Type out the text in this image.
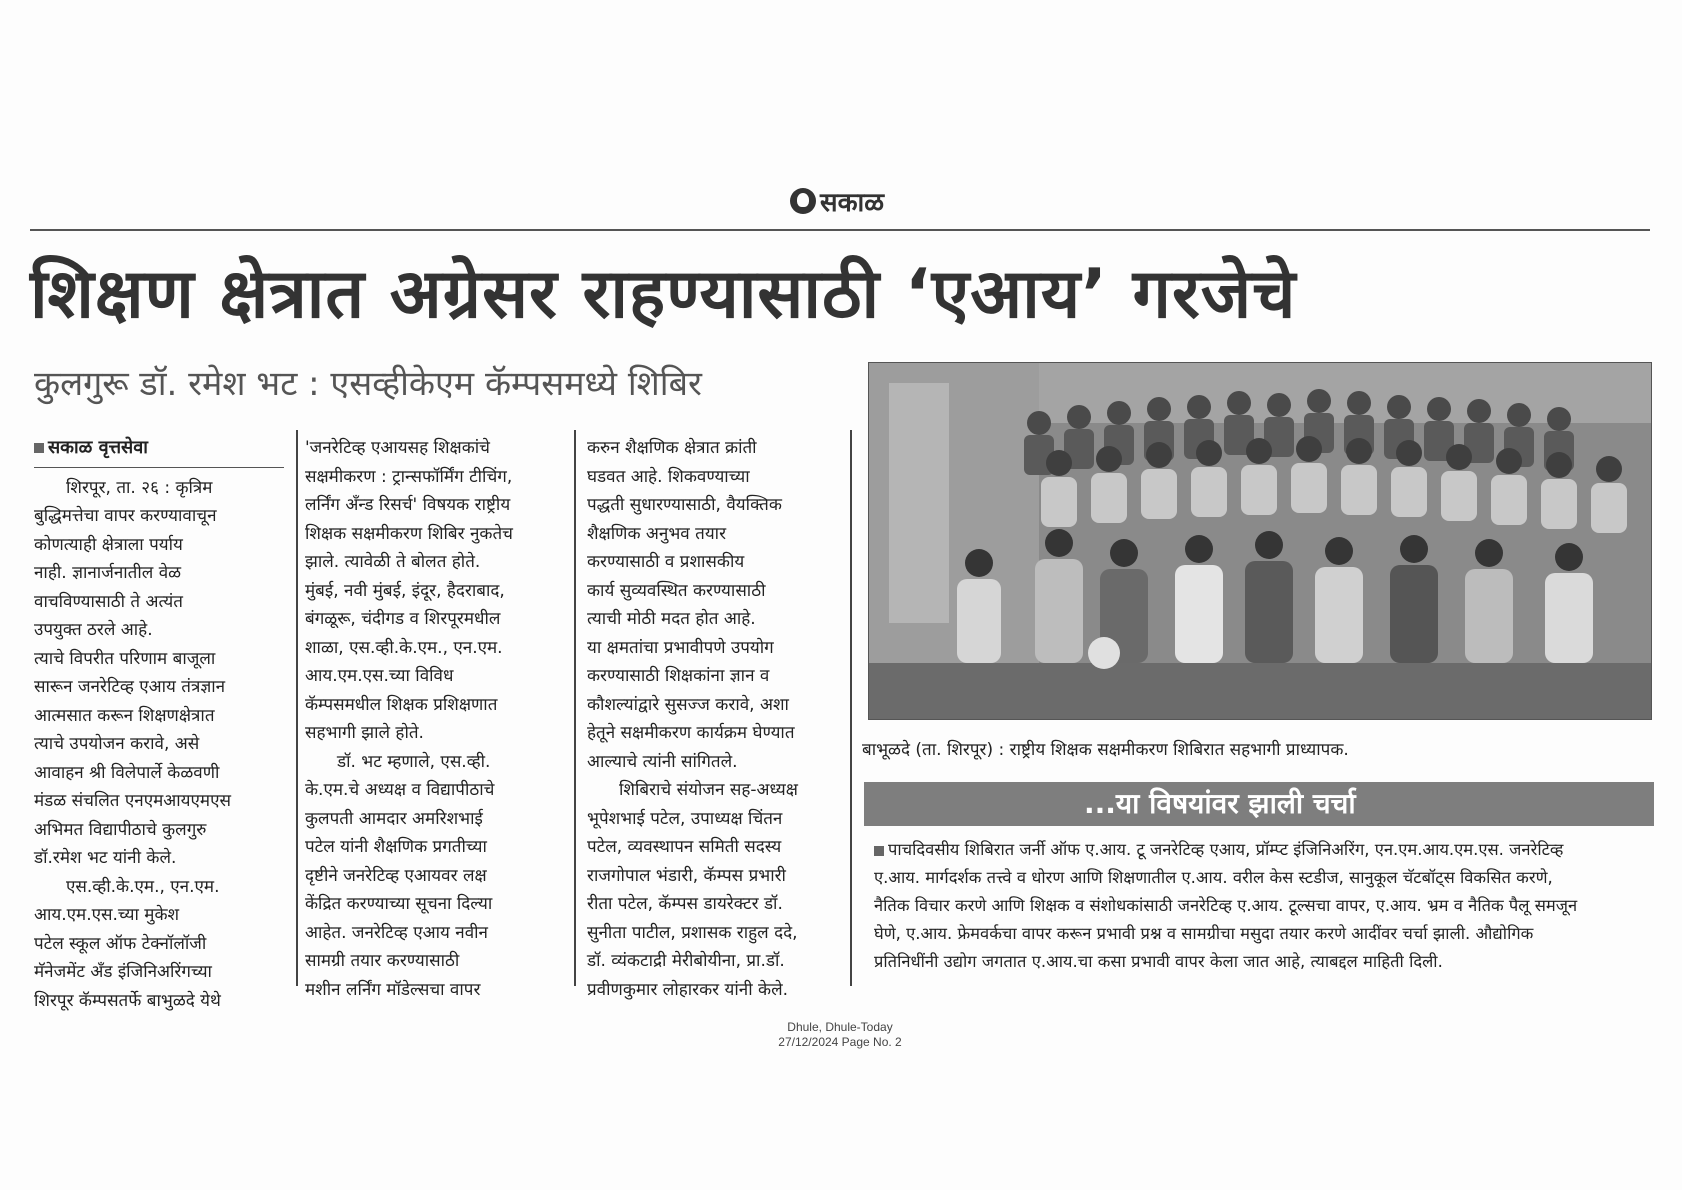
सकाळ
शिक्षण क्षेत्रात अग्रेसर राहण्यासाठी ‘एआय’ गरजेचे
कुलगुरू डॉ. रमेश भट : एसव्हीकेएम कॅम्पसमध्ये शिबिर
सकाळ वृत्तसेवा

शिरपूर, ता. २६ : कृत्रिम

बुद्धिमत्तेचा वापर करण्यावाचून

कोणत्याही क्षेत्राला पर्याय

नाही. ज्ञानार्जनातील वेळ

वाचविण्यासाठी ते अत्यंत

उपयुक्त ठरले आहे.

त्याचे विपरीत परिणाम बाजूला

सारून जनरेटिव्ह एआय तंत्रज्ञान

आत्मसात करून शिक्षणक्षेत्रात

त्याचे उपयोजन करावे, असे

आवाहन श्री विलेपार्ले केळवणी

मंडळ संचलित एनएमआयएमएस

अभिमत विद्यापीठाचे कुलगुरु

डॉ.रमेश भट यांनी केले.

एस.व्ही.के.एम., एन.एम.

आय.एम.एस.च्या मुकेश

पटेल स्कूल ऑफ टेक्नॉलॉजी

मॅनेजमेंट अँड इंजिनिअरिंगच्या

शिरपूर कॅम्पसतर्फे बाभुळदे येथे

'जनरेटिव्ह एआयसह शिक्षकांचे

सक्षमीकरण : ट्रान्सफॉर्मिंग टीचिंग,

लर्निंग अँन्ड रिसर्च' विषयक राष्ट्रीय

शिक्षक सक्षमीकरण शिबिर नुकतेच

झाले. त्यावेळी ते बोलत होते.

मुंबई, नवी मुंबई, इंदूर, हैदराबाद,

बंगळूरू, चंदीगड व शिरपूरमधील

शाळा, एस.व्ही.के.एम., एन.एम.

आय.एम.एस.च्या विविध

कॅम्पसमधील शिक्षक प्रशिक्षणात

सहभागी झाले होते.

डॉ. भट म्हणाले, एस.व्ही.

के.एम.चे अध्यक्ष व विद्यापीठाचे

कुलपती आमदार अमरिशभाई

पटेल यांनी शैक्षणिक प्रगतीच्या

दृष्टीने जनरेटिव्ह एआयवर लक्ष

केंद्रित करण्याच्या सूचना दिल्या

आहेत. जनरेटिव्ह एआय नवीन

सामग्री तयार करण्यासाठी

मशीन लर्निंग मॉडेल्सचा वापर

करुन शैक्षणिक क्षेत्रात क्रांती

घडवत आहे. शिकवण्याच्या

पद्धती सुधारण्यासाठी, वैयक्तिक

शैक्षणिक अनुभव तयार

करण्यासाठी व प्रशासकीय

कार्य सुव्यवस्थित करण्यासाठी

त्याची मोठी मदत होत आहे.

या क्षमतांचा प्रभावीपणे उपयोग

करण्यासाठी शिक्षकांना ज्ञान व

कौशल्यांद्वारे सुसज्ज करावे, अशा

हेतूने सक्षमीकरण कार्यक्रम घेण्यात

आल्याचे त्यांनी सांगितले.

शिबिराचे संयोजन सह-अध्यक्ष

भूपेशभाई पटेल, उपाध्यक्ष चिंतन

पटेल, व्यवस्थापन समिती सदस्य

राजगोपाल भंडारी, कॅम्पस प्रभारी

रीता पटेल, कॅम्पस डायरेक्टर डॉ.

सुनीता पाटील, प्रशासक राहुल ददे,

डॉ. व्यंकटाद्री मेरीबोयीना, प्रा.डॉ.

प्रवीणकुमार लोहारकर यांनी केले.

बाभूळदे (ता. शिरपूर) : राष्ट्रीय शिक्षक सक्षमीकरण शिबिरात सहभागी प्राध्यापक.
...या विषयांवर झाली चर्चा
पाचदिवसीय शिबिरात जर्नी ऑफ ए.आय. टू जनरेटिव्ह एआय, प्रॉम्प्ट इंजिनिअरिंग, एन.एम.आय.एम.एस. जनरेटिव्ह
ए.आय. मार्गदर्शक तत्त्वे व धोरण आणि शिक्षणातील ए.आय. वरील केस स्टडीज, सानुकूल चॅटबॉट्स विकसित करणे,
नैतिक विचार करणे आणि शिक्षक व संशोधकांसाठी जनरेटिव्ह ए.आय. टूल्सचा वापर, ए.आय. भ्रम व नैतिक पैलू समजून
घेणे, ए.आय. फ्रेमवर्कचा वापर करून प्रभावी प्रश्न व सामग्रीचा मसुदा तयार करणे आदींवर चर्चा झाली. औद्योगिक
प्रतिनिधींनी उद्योग जगतात ए.आय.चा कसा प्रभावी वापर केला जात आहे, त्याबद्दल माहिती दिली.
Dhule, Dhule-Today
27/12/2024 Page No. 2
